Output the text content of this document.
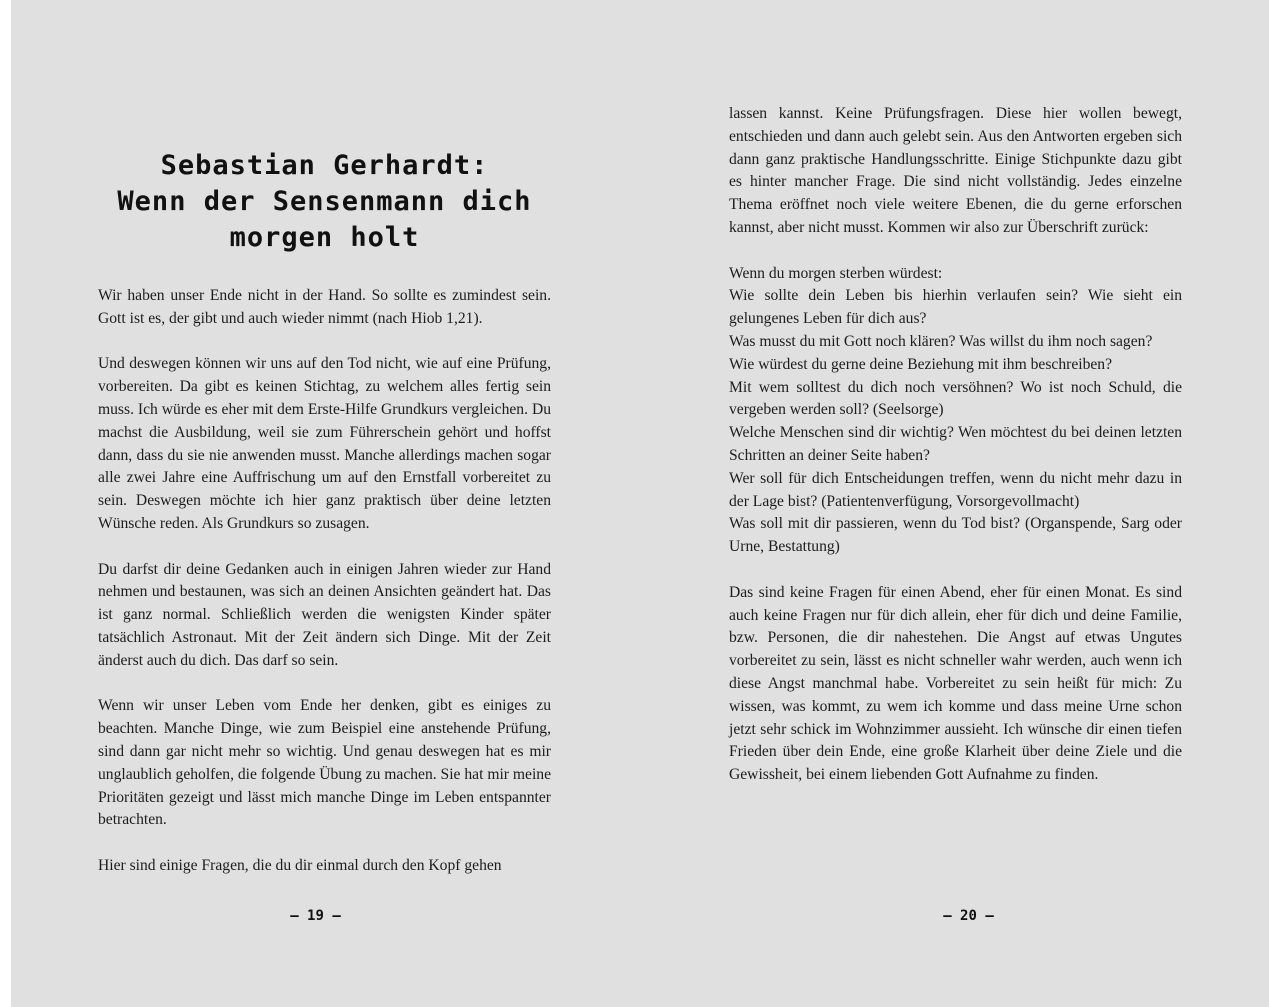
Sebastian Gerhardt:
Wenn der Sensenmann dich
morgen holt

Wir haben unser Ende nicht in der Hand. So sollte es zumindest sein. Gott ist es, der gibt und auch wieder nimmt (nach Hiob 1,21).

Und deswegen können wir uns auf den Tod nicht, wie auf eine Prüfung, vorbereiten. Da gibt es keinen Stichtag, zu welchem alles fertig sein muss. Ich würde es eher mit dem Erste-Hilfe Grundkurs vergleichen. Du machst die Ausbildung, weil sie zum Führerschein gehört und hoffst dann, dass du sie nie anwenden musst. Manche allerdings machen sogar alle zwei Jahre eine Auffrischung um auf den Ernstfall vorbereitet zu sein. Deswegen möchte ich hier ganz praktisch über deine letzten Wünsche reden. Als Grundkurs so zusagen.

Du darfst dir deine Gedanken auch in einigen Jahren wieder zur Hand nehmen und bestaunen, was sich an deinen Ansichten geändert hat. Das ist ganz normal. Schließlich werden die wenigsten Kinder später tatsächlich Astronaut. Mit der Zeit ändern sich Dinge. Mit der Zeit änderst auch du dich. Das darf so sein.

Wenn wir unser Leben vom Ende her denken, gibt es einiges zu beachten. Manche Dinge, wie zum Beispiel eine anstehende Prüfung, sind dann gar nicht mehr so wichtig. Und genau deswegen hat es mir unglaublich geholfen, die folgende Übung zu machen. Sie hat mir meine Prioritäten gezeigt und lässt mich manche Dinge im Leben entspannter betrachten.

Hier sind einige Fragen, die du dir einmal durch den Kopf gehen

– 19 –

lassen kannst. Keine Prüfungsfragen. Diese hier wollen bewegt, entschieden und dann auch gelebt sein. Aus den Antworten ergeben sich dann ganz praktische Handlungsschritte. Einige Stichpunkte dazu gibt es hinter mancher Frage. Die sind nicht vollständig. Jedes einzelne Thema eröffnet noch viele weitere Ebenen, die du gerne erforschen kannst, aber nicht musst. Kommen wir also zur Überschrift zurück:

Wenn du morgen sterben würdest:
Wie sollte dein Leben bis hierhin verlaufen sein? Wie sieht ein gelungenes Leben für dich aus?
Was musst du mit Gott noch klären? Was willst du ihm noch sagen?
Wie würdest du gerne deine Beziehung mit ihm beschreiben?
Mit wem solltest du dich noch versöhnen? Wo ist noch Schuld, die vergeben werden soll? (Seelsorge)
Welche Menschen sind dir wichtig? Wen möchtest du bei deinen letzten Schritten an deiner Seite haben?
Wer soll für dich Entscheidungen treffen, wenn du nicht mehr dazu in der Lage bist? (Patientenverfügung, Vorsorgevollmacht)
Was soll mit dir passieren, wenn du Tod bist? (Organspende, Sarg oder Urne, Bestattung)

Das sind keine Fragen für einen Abend, eher für einen Monat. Es sind auch keine Fragen nur für dich allein, eher für dich und deine Familie, bzw. Personen, die dir nahestehen. Die Angst auf etwas Ungutes vorbereitet zu sein, lässt es nicht schneller wahr werden, auch wenn ich diese Angst manchmal habe. Vorbereitet zu sein heißt für mich: Zu wissen, was kommt, zu wem ich komme und dass meine Urne schon jetzt sehr schick im Wohnzimmer aussieht. Ich wünsche dir einen tiefen Frieden über dein Ende, eine große Klarheit über deine Ziele und die Gewissheit, bei einem liebenden Gott Aufnahme zu finden.

– 20 –
